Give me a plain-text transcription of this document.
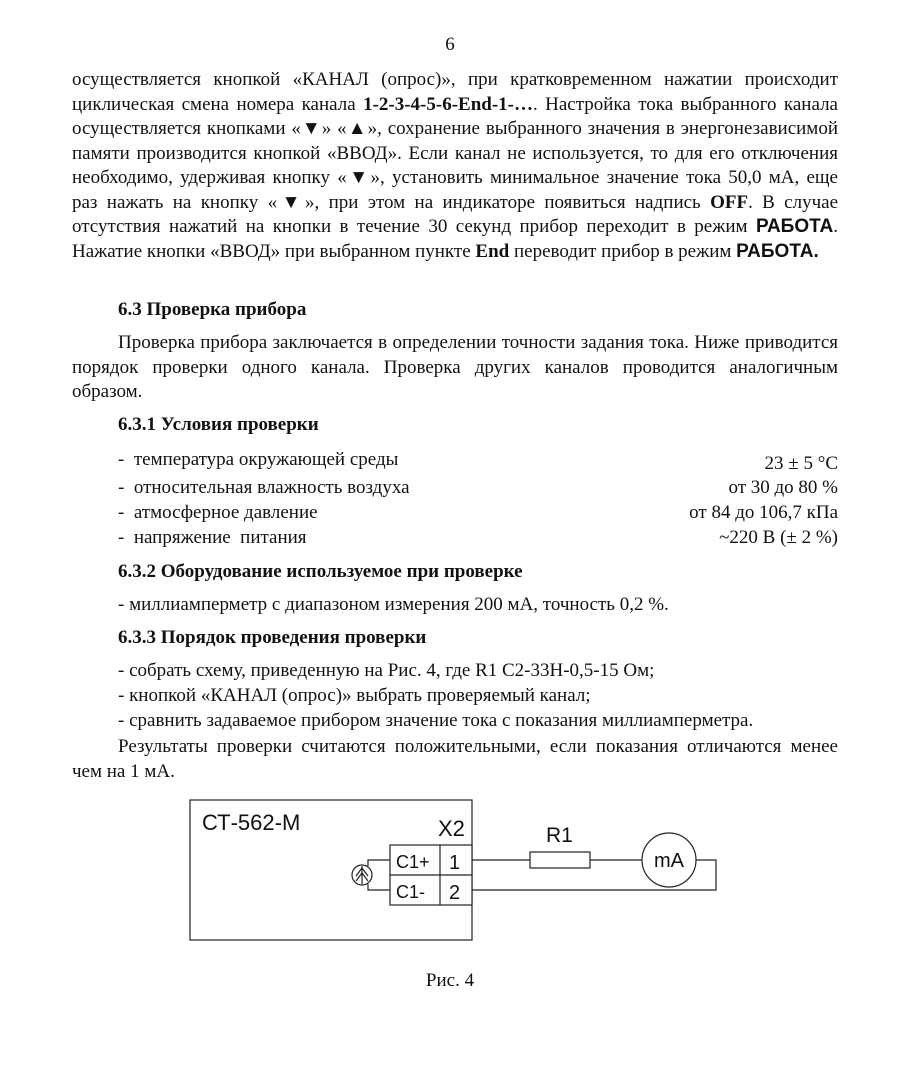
6

осуществляется кнопкой «КАНАЛ (опрос)», при кратковременном нажатии происходит циклическая смена номера канала 1-2-3-4-5-6-End-1-…. Настройка тока выбранного канала осуществляется кнопками «▼» «▲», сохранение выбранного значения в энергонезависимой памяти производится кнопкой «ВВОД». Если канал не используется, то для его отключения необходимо, удерживая кнопку «▼», установить минимальное значение тока 50,0 мА, еще раз нажать на кнопку «▼», при этом на индикаторе появиться надпись OFF. В случае отсутствия нажатий на кнопки в течение 30 секунд прибор переходит в режим РАБОТА. Нажатие кнопки «ВВОД» при выбранном пункте End переводит прибор в режим РАБОТА.

6.3 Проверка прибора

Проверка прибора заключается в определении точности задания тока. Ниже приводится порядок проверки одного канала. Проверка других каналов проводится аналогичным образом.

6.3.1 Условия проверки
-  температура окружающей среды	23 ± 5 °С
-  относительная влажность воздуха	от 30 до 80 %
-  атмосферное давление	от 84 до 106,7 кПа
-  напряжение  питания	~220 В (± 2 %)
6.3.2 Оборудование используемое при проверке

- миллиамперметр с диапазоном измерения 200 мА, точность 0,2 %.

6.3.3 Порядок проведения проверки

- собрать схему, приведенную на Рис. 4, где R1 С2-33Н-0,5-15 Ом;

- кнопкой «КАНАЛ (опрос)» выбрать проверяемый канал;

- сравнить задаваемое прибором значение тока с показания миллиамперметра.

Результаты проверки считаются положительными, если показания отличаются менее чем на 1 мА.

СТ-562-М	Х2
С1+ 1
С1- 2
R1
mA
Рис. 4
